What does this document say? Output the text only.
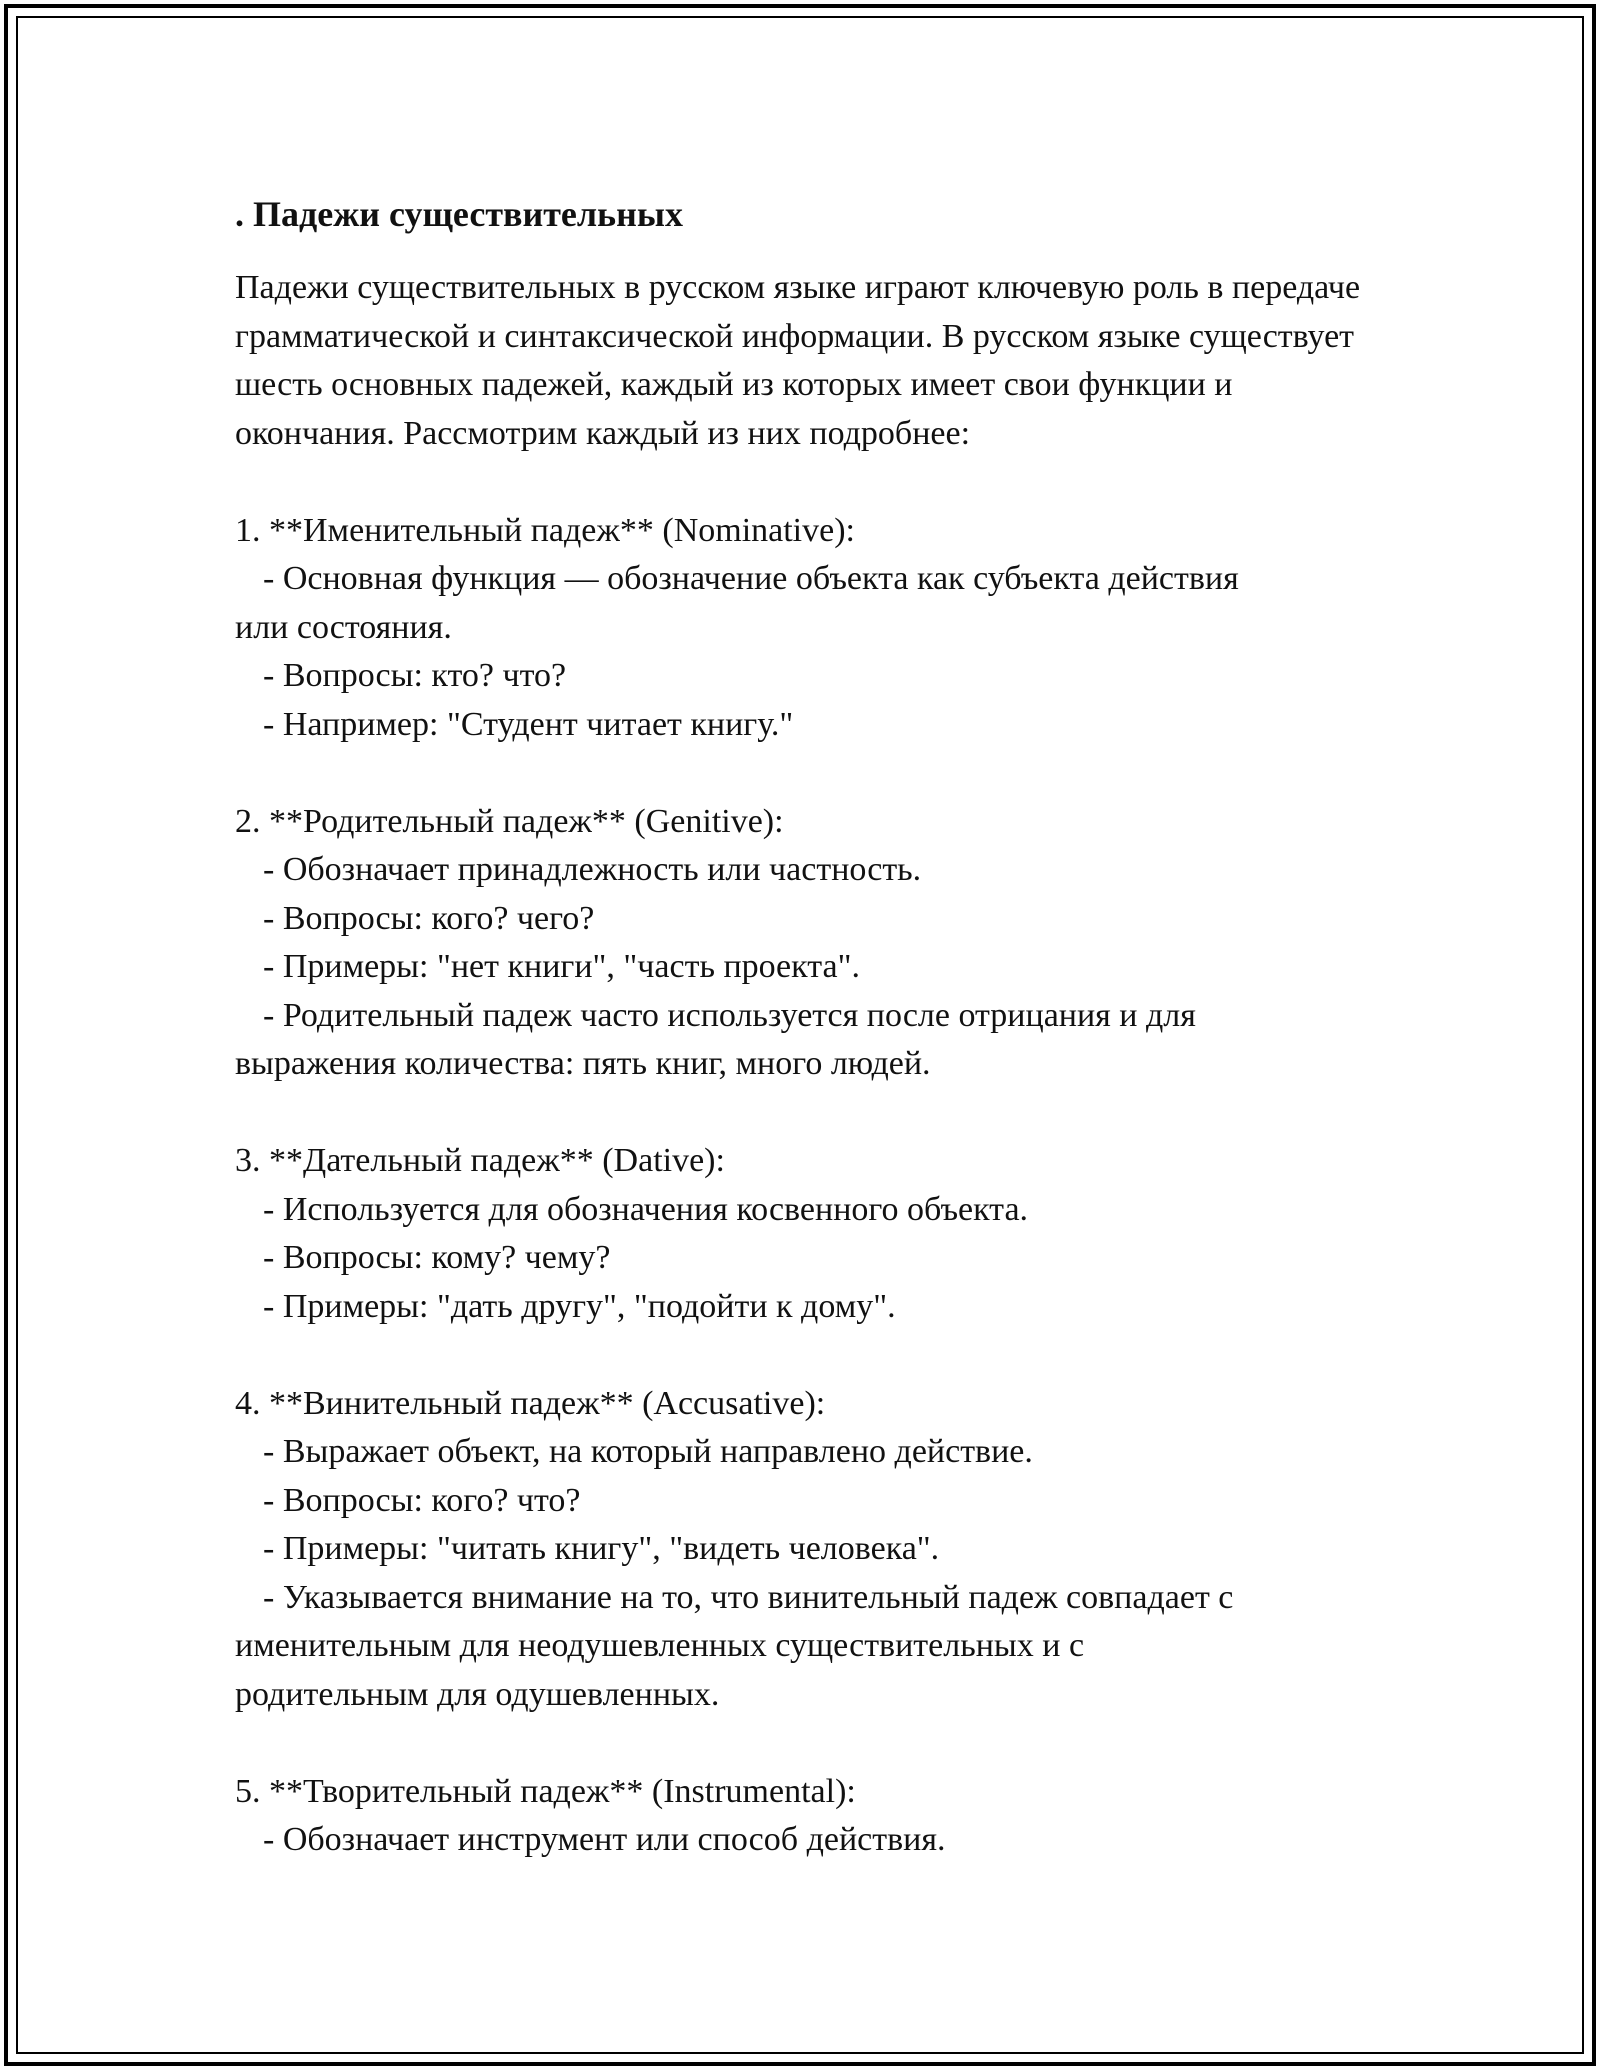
. Падежи существительных

Падежи существительных в русском языке играют ключевую роль в передаче грамматической и синтаксической информации. В русском языке существует шесть основных падежей, каждый из которых имеет свои функции и окончания. Рассмотрим каждый из них подробнее:

1. **Именительный падеж** (Nominative):
- Основная функция — обозначение объекта как субъекта действия
или состояния.
- Вопросы: кто? что?
- Например: "Студент читает книгу."
2. **Родительный падеж** (Genitive):
- Обозначает принадлежность или частность.
- Вопросы: кого? чего?
- Примеры: "нет книги", "часть проекта".
- Родительный падеж часто используется после отрицания и для
выражения количества: пять книг, много людей.
3. **Дательный падеж** (Dative):
- Используется для обозначения косвенного объекта.
- Вопросы: кому? чему?
- Примеры: "дать другу", "подойти к дому".
4. **Винительный падеж** (Accusative):
- Выражает объект, на который направлено действие.
- Вопросы: кого? что?
- Примеры: "читать книгу", "видеть человека".
- Указывается внимание на то, что винительный падеж совпадает с
именительным для неодушевленных существительных и с
родительным для одушевленных.
5. **Творительный падеж** (Instrumental):
- Обозначает инструмент или способ действия.
